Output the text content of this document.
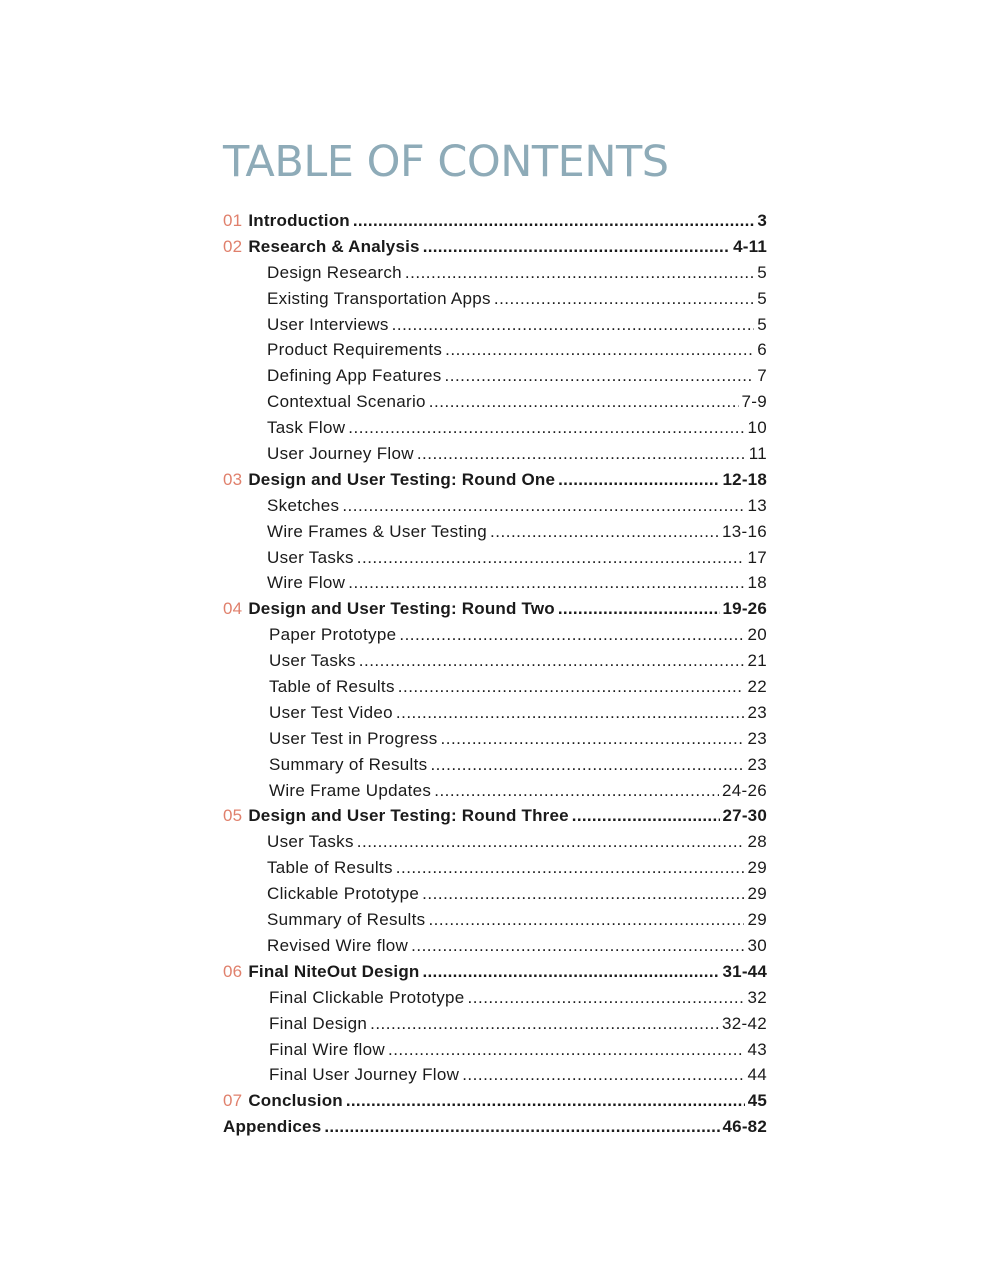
TABLE OF CONTENTS
01 Introduction .....	3
02 Research & Analysis .....	4-11
Design Research .....	5
Existing Transportation Apps .....	5
User Interviews .....	5
Product Requirements .....	6
Defining App Features .....	7
Contextual Scenario .....	7-9
Task Flow .....	10
User Journey Flow .....	11
03 Design and User Testing: Round One .....	12-18
Sketches .....	13
Wire Frames & User Testing .....	13-16
User Tasks .....	17
Wire Flow .....	18
04 Design and User Testing: Round Two .....	19-26
Paper Prototype .....	20
User Tasks .....	21
Table of Results .....	22
User Test Video .....	23
User Test in Progress .....	23
Summary of Results .....	23
Wire Frame Updates .....	24-26
05 Design and User Testing: Round Three .....	27-30
User Tasks .....	28
Table of Results .....	29
Clickable Prototype .....	29
Summary of Results .....	29
Revised Wire flow .....	30
06 Final NiteOut Design .....	31-44
Final Clickable Prototype .....	32
Final Design .....	32-42
Final Wire flow .....	43
Final User Journey Flow .....	44
07 Conclusion .....	45
Appendices .....	46-82
